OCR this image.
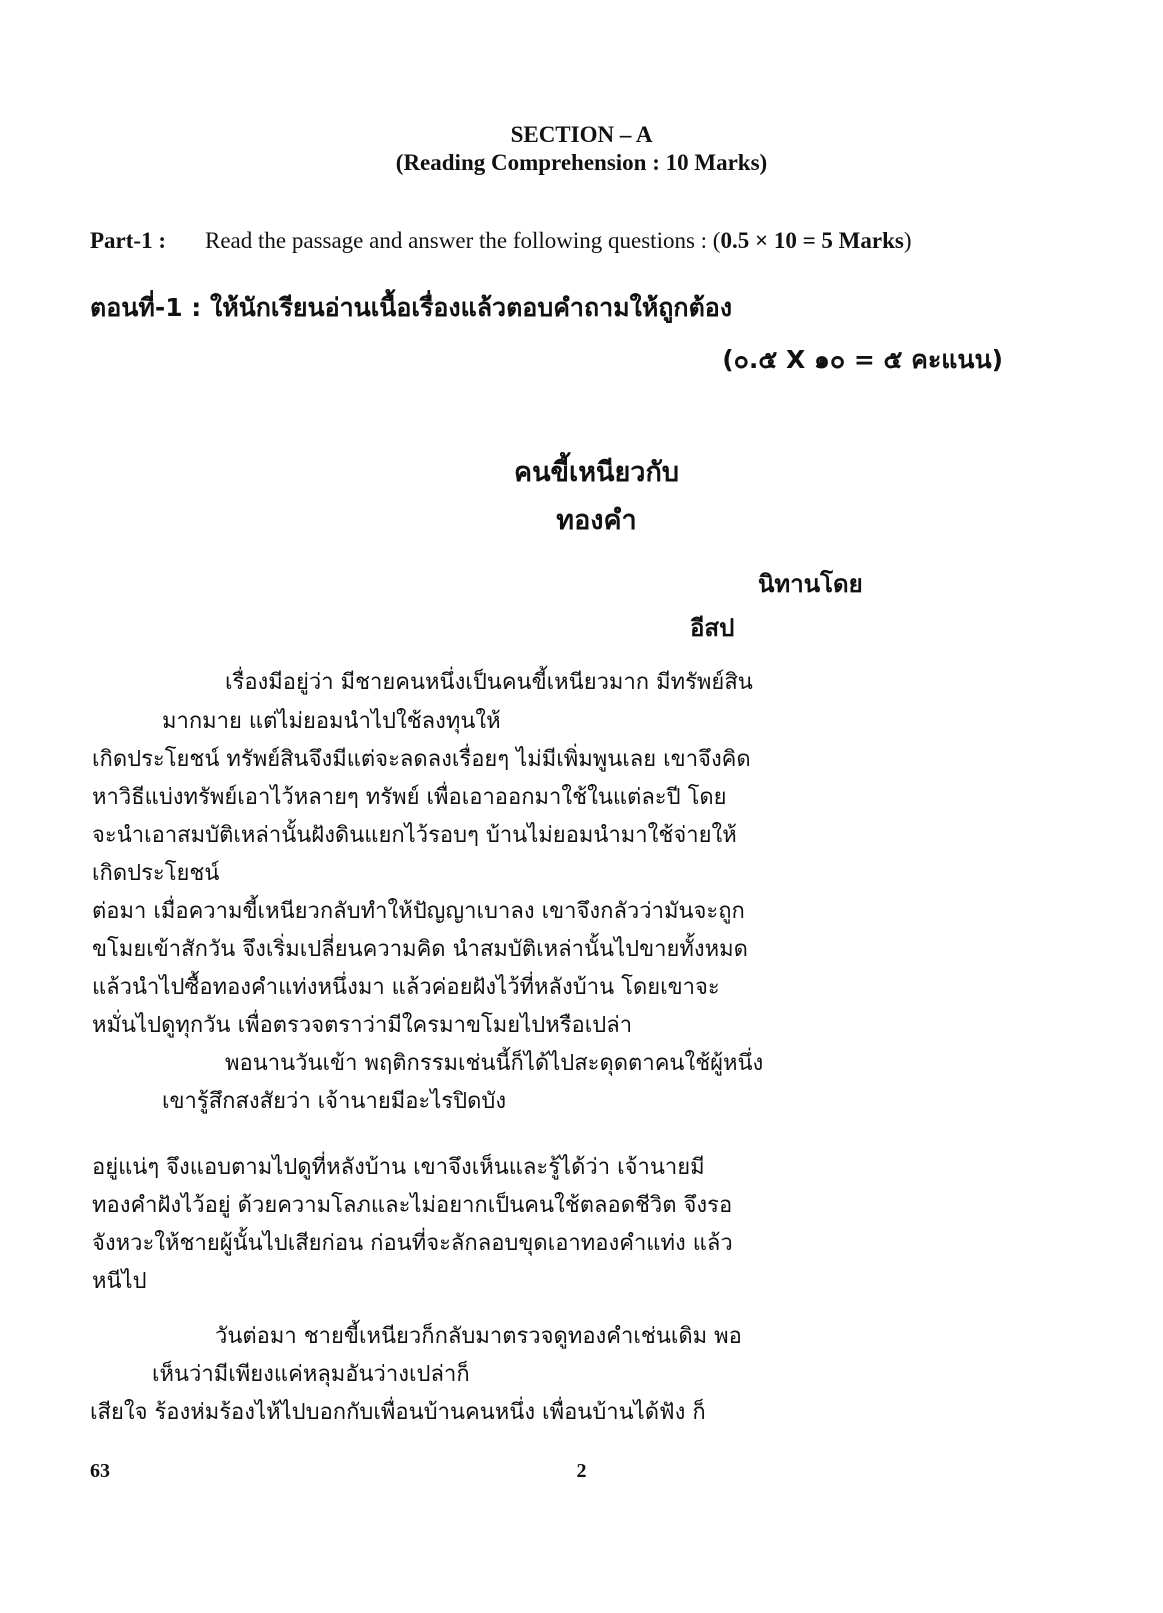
SECTION – A
(Reading Comprehension : 10 Marks)
Part-1 : Read the passage and answer the following questions : (0.5 × 10 = 5 Marks)
ตอนที่-1 : ให้นักเรียนอ่านเนื้อเรื่องแล้วตอบคำถามให้ถูกต้อง
(๐.๕ X ๑๐ = ๕ คะแนน)
คนขี้เหนียวกับ
ทองคำ
นิทานโดย
อีสป
เรื่องมีอยู่ว่า มีชายคนหนึ่งเป็นคนขี้เหนียวมาก มีทรัพย์สิน
มากมาย แต่ไม่ยอมนำไปใช้ลงทุนให้
เกิดประโยชน์ ทรัพย์สินจึงมีแต่จะลดลงเรื่อยๆ ไม่มีเพิ่มพูนเลย เขาจึงคิด
หาวิธีแบ่งทรัพย์เอาไว้หลายๆ ทรัพย์ เพื่อเอาออกมาใช้ในแต่ละปี โดย
จะนำเอาสมบัติเหล่านั้นฝังดินแยกไว้รอบๆ บ้านไม่ยอมนำมาใช้จ่ายให้
เกิดประโยชน์
ต่อมา เมื่อความขี้เหนียวกลับทำให้ปัญญาเบาลง เขาจึงกลัวว่ามันจะถูก
ขโมยเข้าสักวัน จึงเริ่มเปลี่ยนความคิด นำสมบัติเหล่านั้นไปขายทั้งหมด
แล้วนำไปซื้อทองคำแท่งหนึ่งมา แล้วค่อยฝังไว้ที่หลังบ้าน โดยเขาจะ
หมั่นไปดูทุกวัน เพื่อตรวจตราว่ามีใครมาขโมยไปหรือเปล่า
พอนานวันเข้า พฤติกรรมเช่นนี้ก็ได้ไปสะดุดตาคนใช้ผู้หนึ่ง
เขารู้สึกสงสัยว่า เจ้านายมีอะไรปิดบัง
อยู่แน่ๆ จึงแอบตามไปดูที่หลังบ้าน เขาจึงเห็นและรู้ได้ว่า เจ้านายมี
ทองคำฝังไว้อยู่ ด้วยความโลภและไม่อยากเป็นคนใช้ตลอดชีวิต จึงรอ
จังหวะให้ชายผู้นั้นไปเสียก่อน ก่อนที่จะลักลอบขุดเอาทองคำแท่ง แล้ว
หนีไป
วันต่อมา ชายขี้เหนียวก็กลับมาตรวจดูทองคำเช่นเดิม พอ
เห็นว่ามีเพียงแค่หลุมอันว่างเปล่าก็
เสียใจ ร้องห่มร้องไห้ไปบอกกับเพื่อนบ้านคนหนึ่ง เพื่อนบ้านได้ฟัง ก็
63	2
